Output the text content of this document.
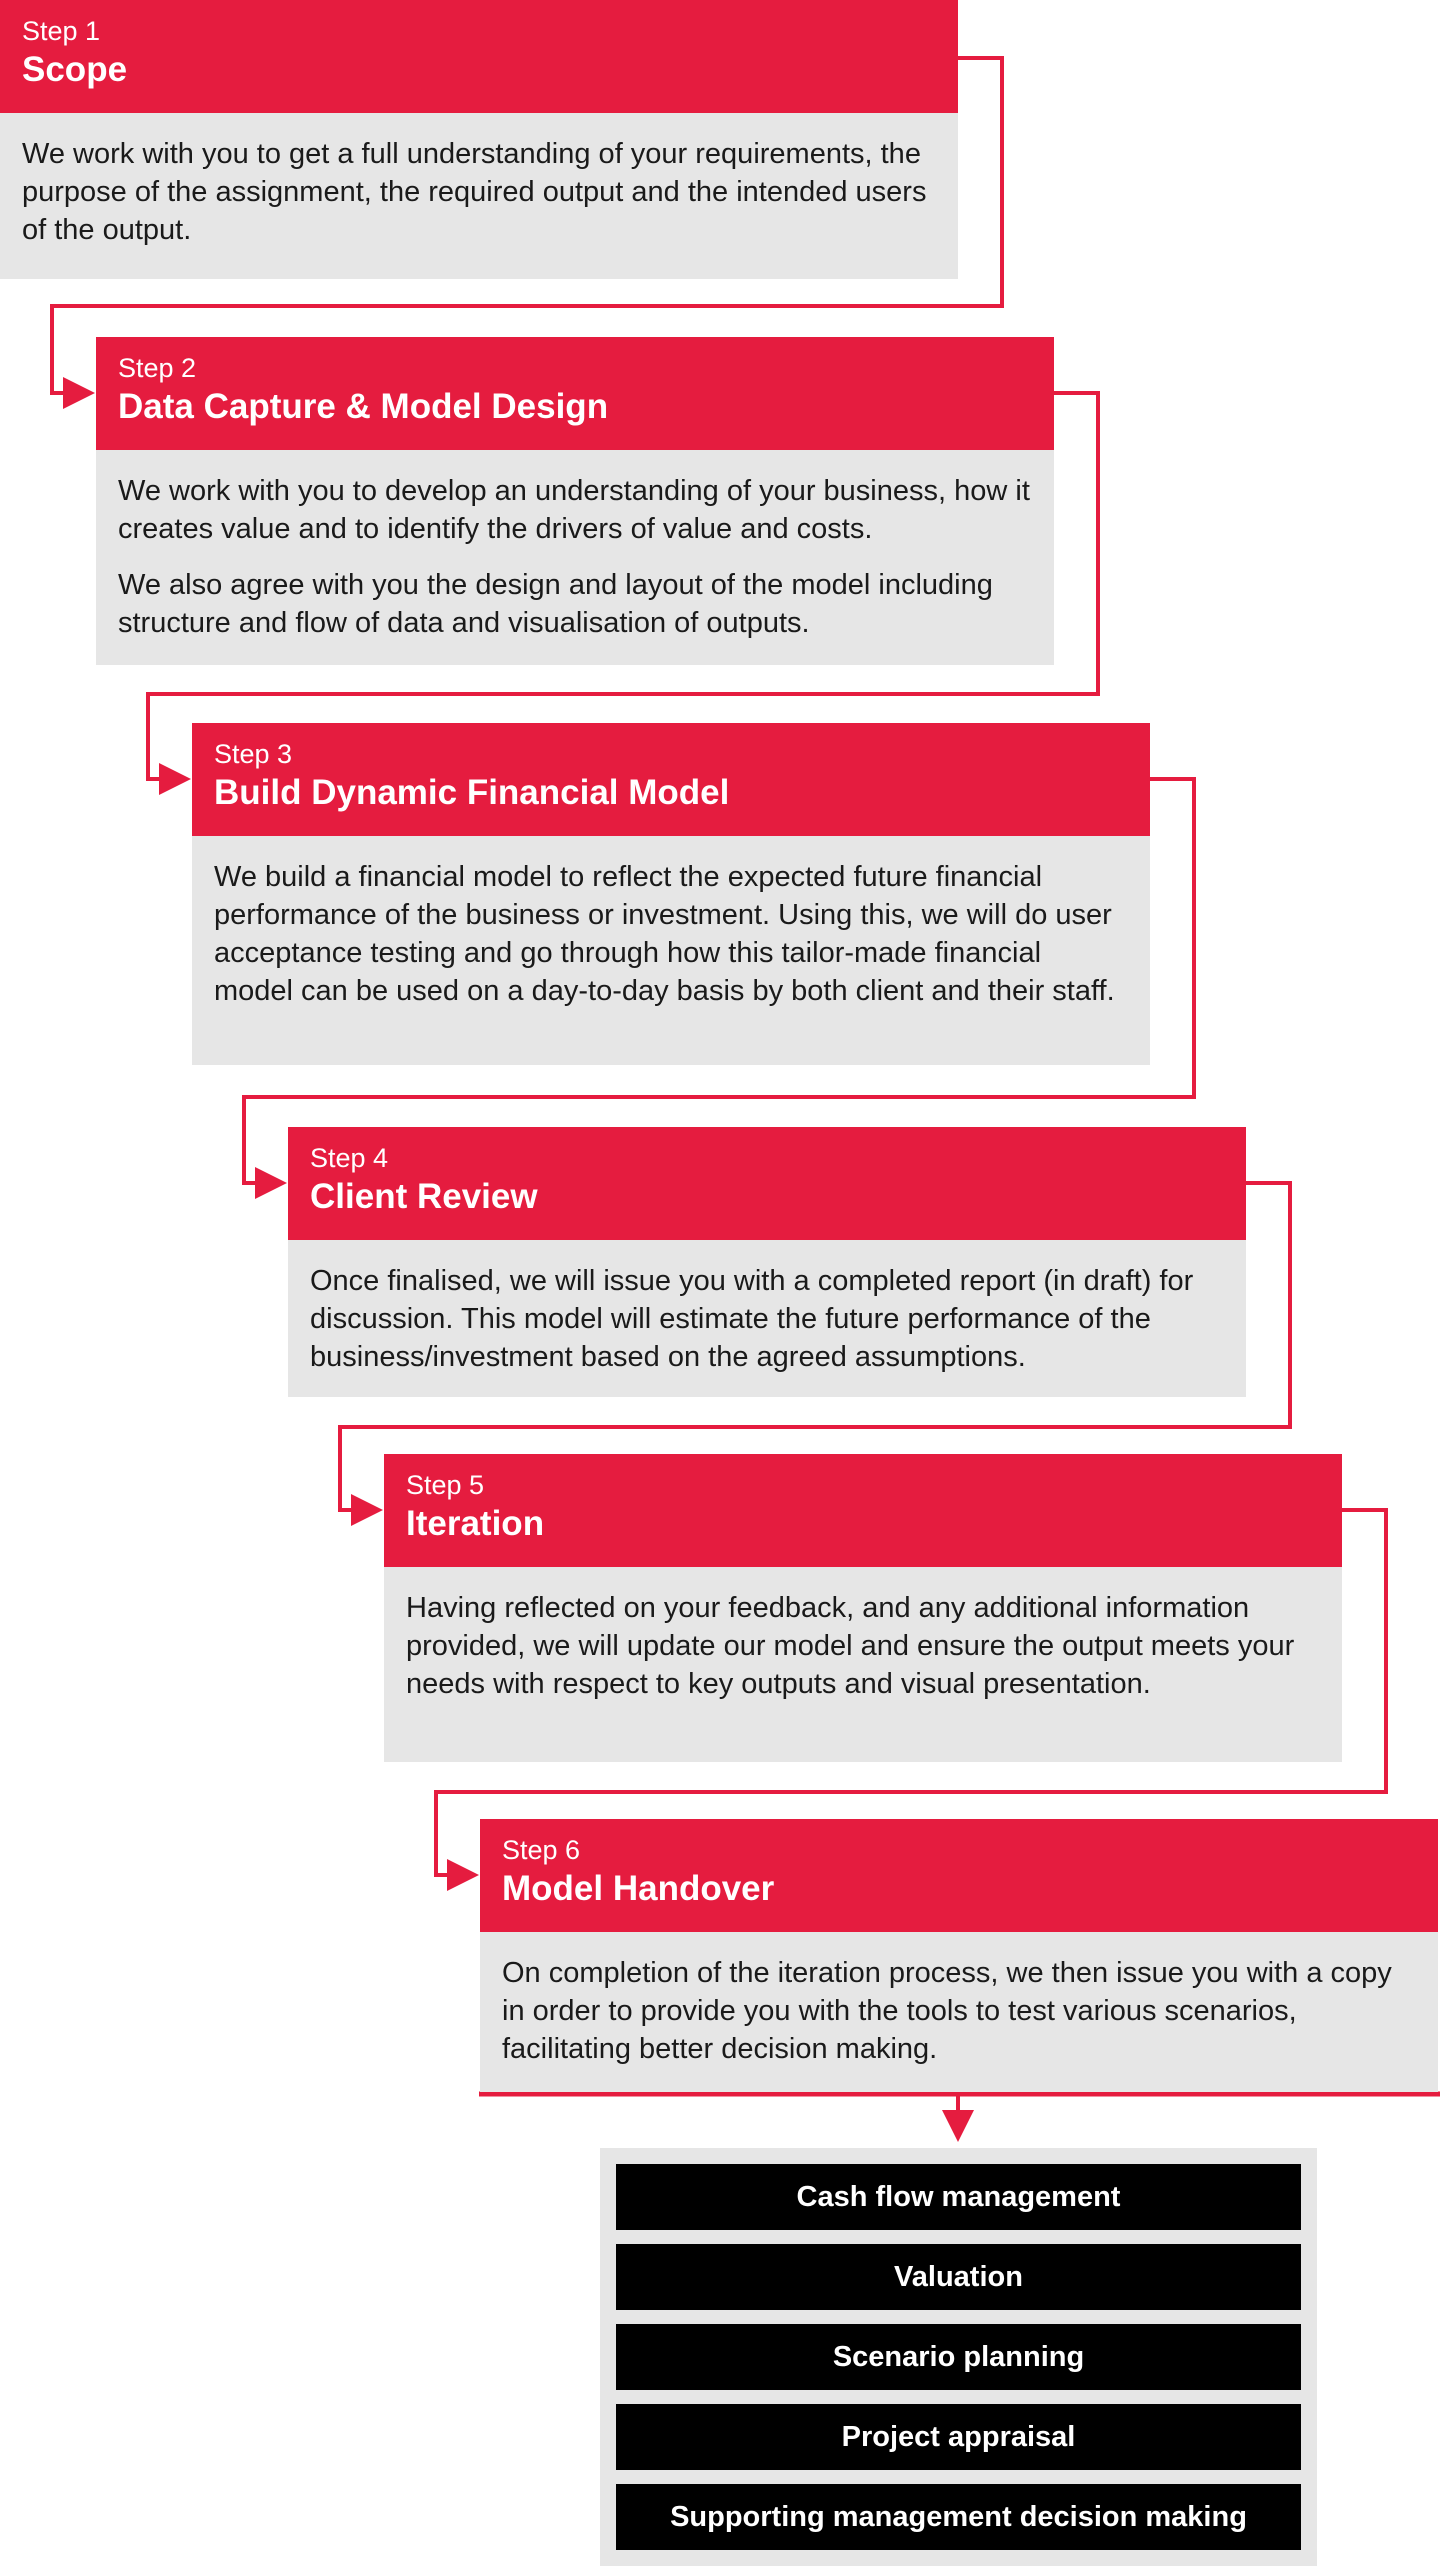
Step 1
Scope

We work with you to get a full understanding of your requirements, the purpose of the assignment, the required output and the intended users of the output.

Step 2
Data Capture & Model Design

We work with you to develop an understanding of your business, how it creates value and to identify the drivers of value and costs.

We also agree with you the design and layout of the model including structure and flow of data and visualisation of outputs.

Step 3
Build Dynamic Financial Model

We build a financial model to reflect the expected future financial performance of the business or investment. Using this, we will do user acceptance testing and go through how this tailor-made financial model can be used on a day-to-day basis by both client and their staff.

Step 4
Client Review

Once finalised, we will issue you with a completed report (in draft) for discussion. This model will estimate the future performance of the business/investment based on the agreed assumptions.

Step 5
Iteration

Having reflected on your feedback, and any additional information provided, we will update our model and ensure the output meets your needs with respect to key outputs and visual presentation.

Step 6
Model Handover

On completion of the iteration process, we then issue you with a copy in order to provide you with the tools to test various scenarios, facilitating better decision making.

Cash flow management
Valuation
Scenario planning
Project appraisal
Supporting management decision making
